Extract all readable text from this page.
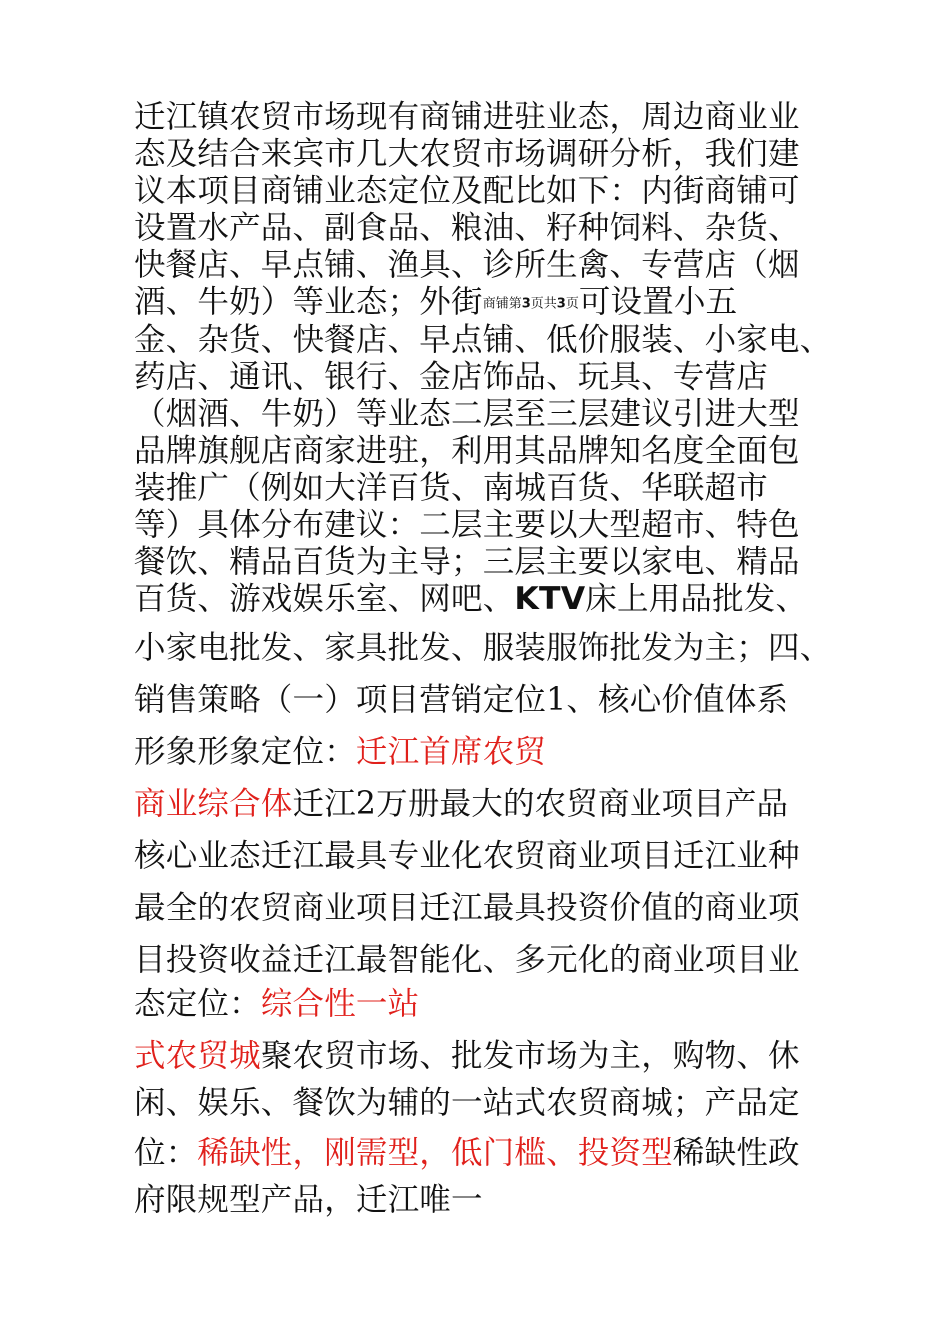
迁江镇农贸市场现有商铺进驻业态，周边商业业
态及结合来宾市几大农贸市场调研分析，我们建
议本项目商铺业态定位及配比如下：内街商铺可
设置水产品、副食品、粮油、籽种饲料、杂货、
快餐店、早点铺、渔具、诊所生禽、专营店（烟
酒、牛奶）等业态；外街商铺第3页共3页可设置小五
金、杂货、快餐店、早点铺、低价服装、小家电、
药店、通讯、银行、金店饰品、玩具、专营店
（烟酒、牛奶）等业态二层至三层建议引进大型
品牌旗舰店商家进驻，利用其品牌知名度全面包
装推广（例如大洋百货、南城百货、华联超市
等）具体分布建议：二层主要以大型超市、特色
餐饮、精品百货为主导；三层主要以家电、精品
百货、游戏娱乐室、网吧、KTV床上用品批发、
小家电批发、家具批发、服装服饰批发为主；四、
销售策略（一）项目营销定位1、核心价值体系
形象形象定位：迁江首席农贸
商业综合体迁江2万册最大的农贸商业项目产品
核心业态迁江最具专业化农贸商业项目迁江业种
最全的农贸商业项目迁江最具投资价值的商业项
目投资收益迁江最智能化、多元化的商业项目业
态定位：综合性一站
式农贸城聚农贸市场、批发市场为主，购物、休
闲、娱乐、餐饮为辅的一站式农贸商城；产品定
位：稀缺性，刚需型，低门槛、投资型稀缺性政
府限规型产品，迁江唯一
